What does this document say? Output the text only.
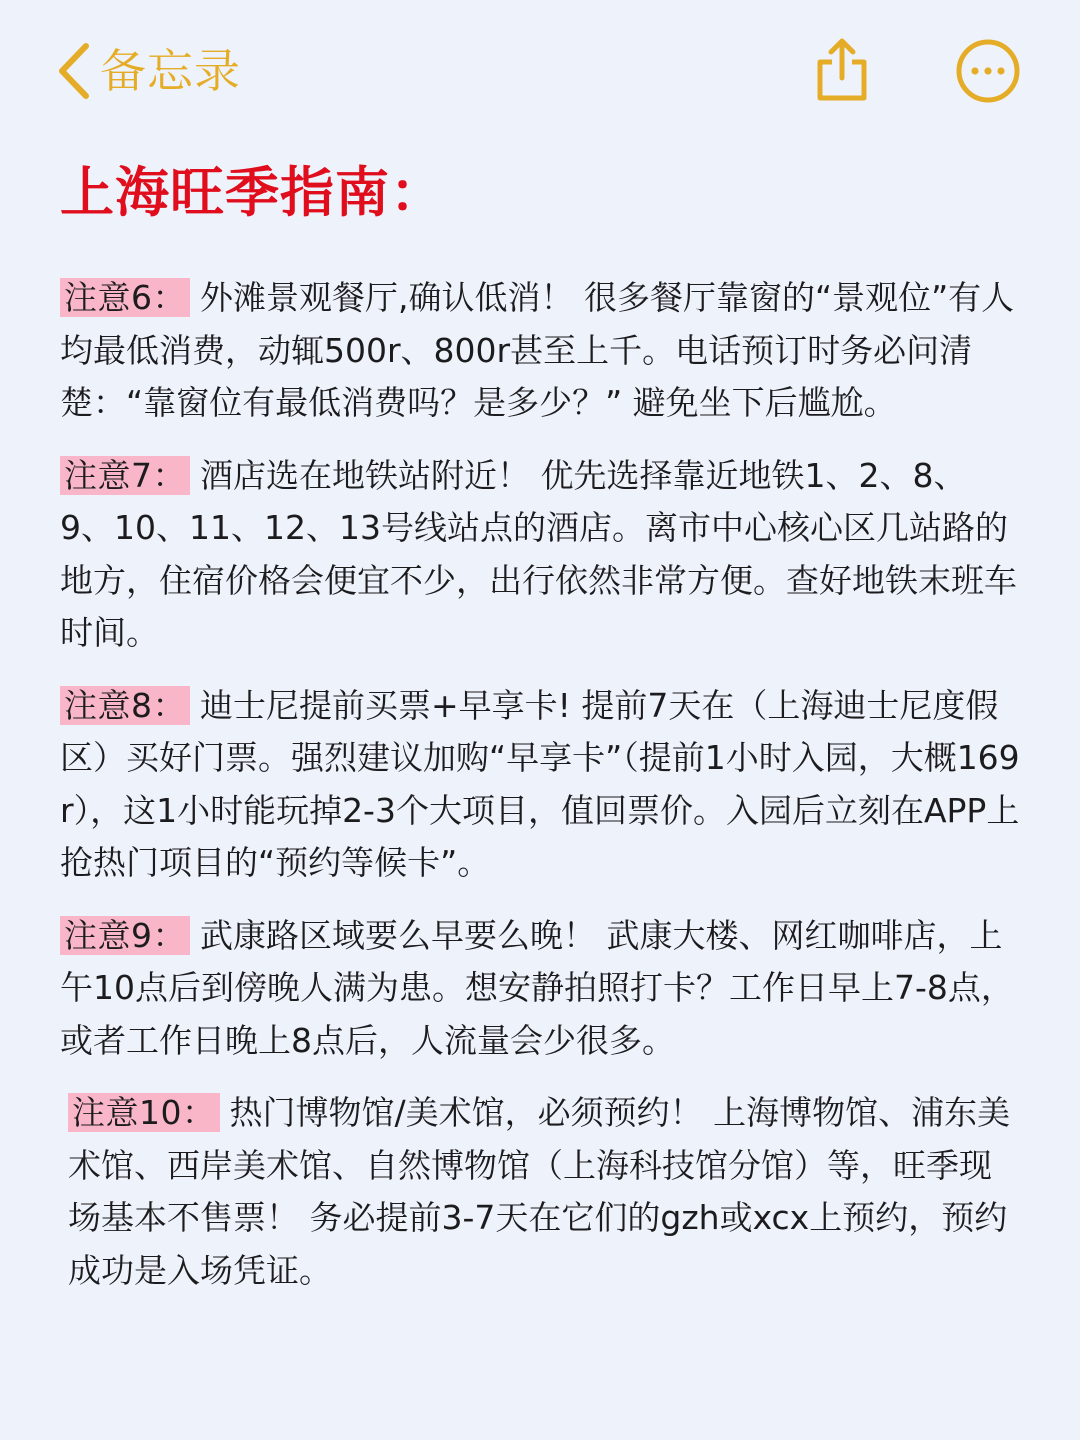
备忘录
上海旺季指南：

注意6： 外滩景观餐厅,确认低消！ 很多餐厅靠窗的“景观位”有人均最低消费，动辄500r、800r甚至上千。电话预订时务必问清楚：“靠窗位有最低消费吗？是多少？” 避免坐下后尴尬。

注意7： 酒店选在地铁站附近！ 优先选择靠近地铁1、2、8、9、10、11、12、13号线站点的酒店。离市中心核心区几站路的地方，住宿价格会便宜不少，出行依然非常方便。查好地铁末班车时间。

注意8： 迪士尼提前买票+早享卡! 提前7天在（上海迪士尼度假区）买好门票。强烈建议加购“早享卡”（提前1小时入园，大概169r），这1小时能玩掉2-3个大项目，值回票价。入园后立刻在APP上抢热门项目的“预约等候卡”。

注意9： 武康路区域要么早要么晚！ 武康大楼、网红咖啡店，上午10点后到傍晚人满为患。想安静拍照打卡？工作日早上7-8点，或者工作日晚上8点后，人流量会少很多。

注意10： 热门博物馆/美术馆，必须预约！ 上海博物馆、浦东美术馆、西岸美术馆、自然博物馆（上海科技馆分馆）等，旺季现场基本不售票！ 务必提前3-7天在它们的gzh或xcx上预约，预约成功是入场凭证。
